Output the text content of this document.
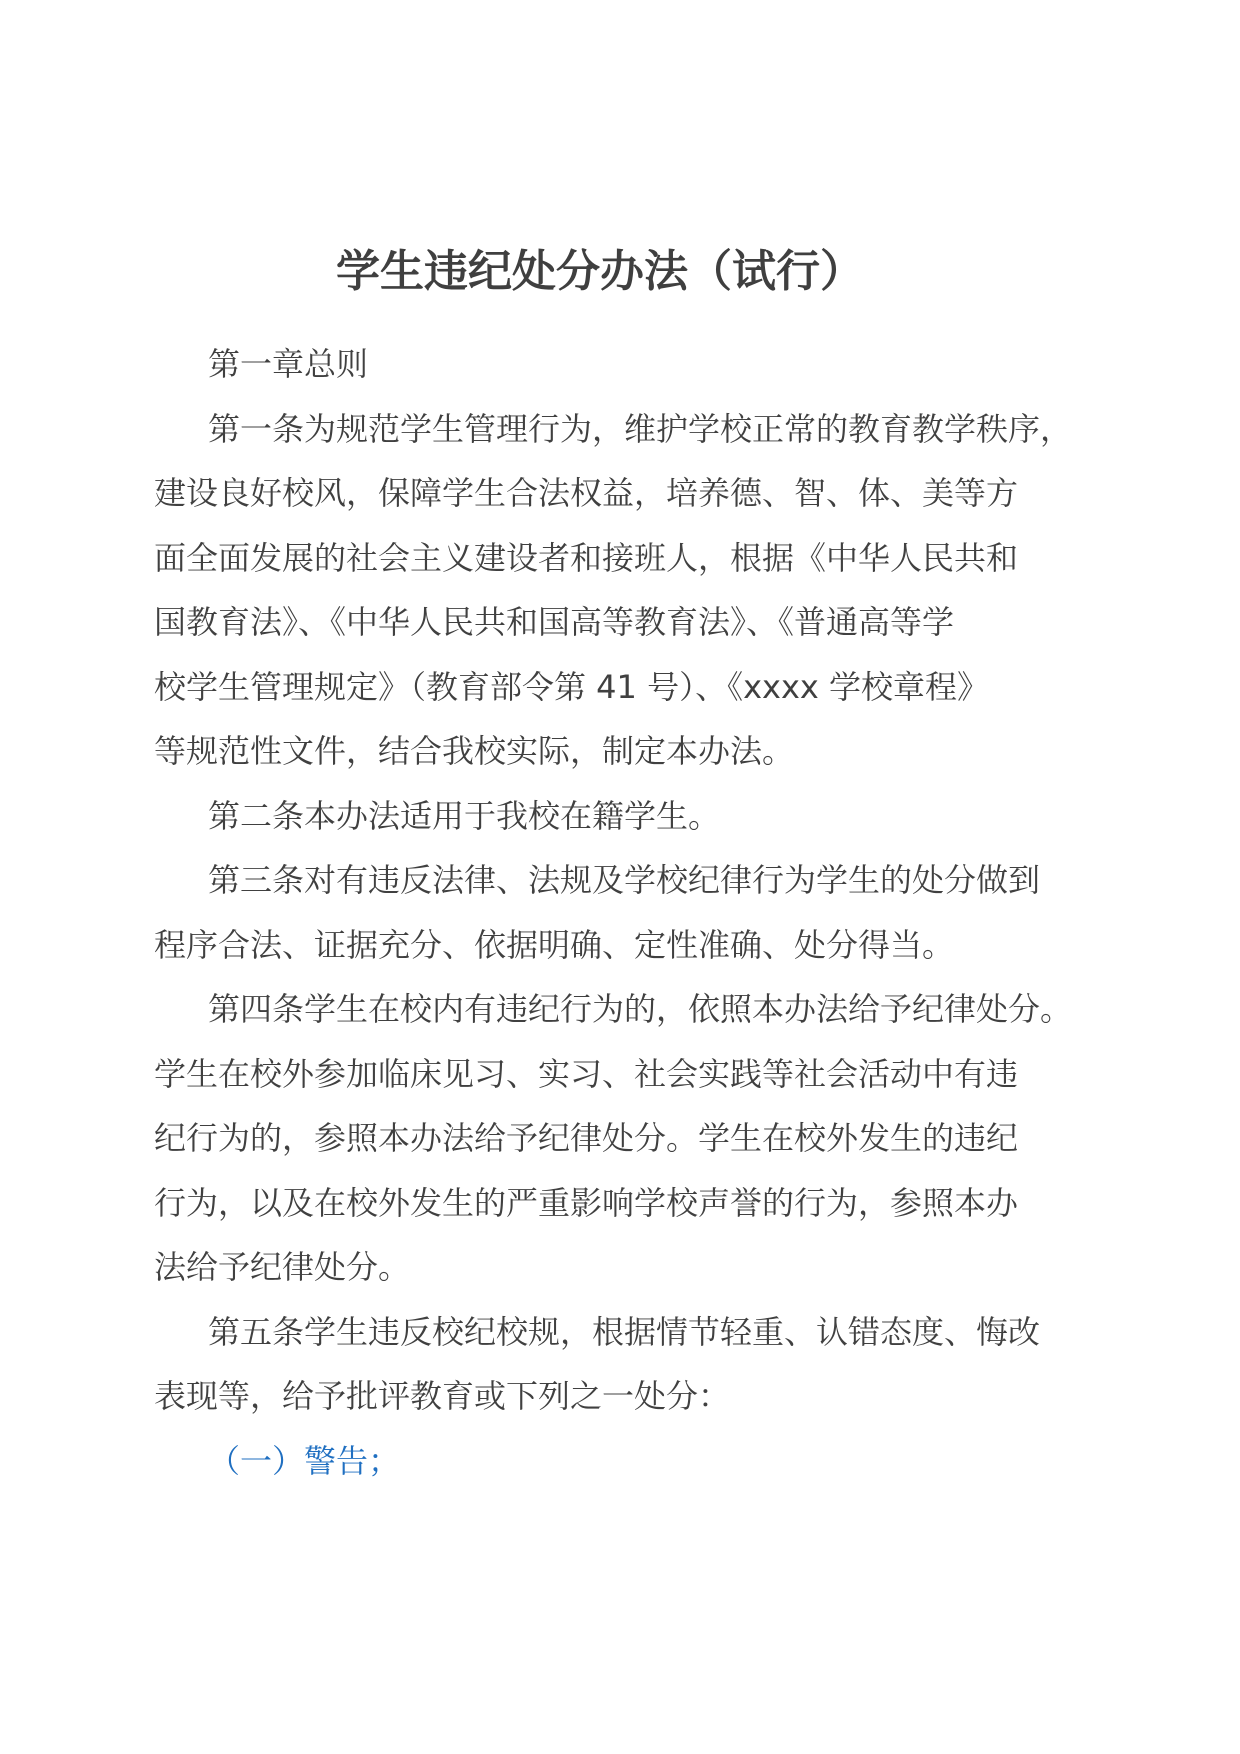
学生违纪处分办法（试行）

第一章总则

第一条为规范学生管理行为，维护学校正常的教育教学秩序，
建设良好校风，保障学生合法权益，培养德、智、体、美等方
面全面发展的社会主义建设者和接班人，根据《中华人民共和
国教育法》、《中华人民共和国高等教育法》、《普通高等学
校学生管理规定》（教育部令第 41 号）、《xxxx 学校章程》
等规范性文件，结合我校实际，制定本办法。

第二条本办法适用于我校在籍学生。

第三条对有违反法律、法规及学校纪律行为学生的处分做到
程序合法、证据充分、依据明确、定性准确、处分得当。

第四条学生在校内有违纪行为的，依照本办法给予纪律处分。
学生在校外参加临床见习、实习、社会实践等社会活动中有违
纪行为的，参照本办法给予纪律处分。学生在校外发生的违纪
行为，以及在校外发生的严重影响学校声誉的行为，参照本办
法给予纪律处分。

第五条学生违反校纪校规，根据情节轻重、认错态度、悔改
表现等，给予批评教育或下列之一处分：

（一）警告；
